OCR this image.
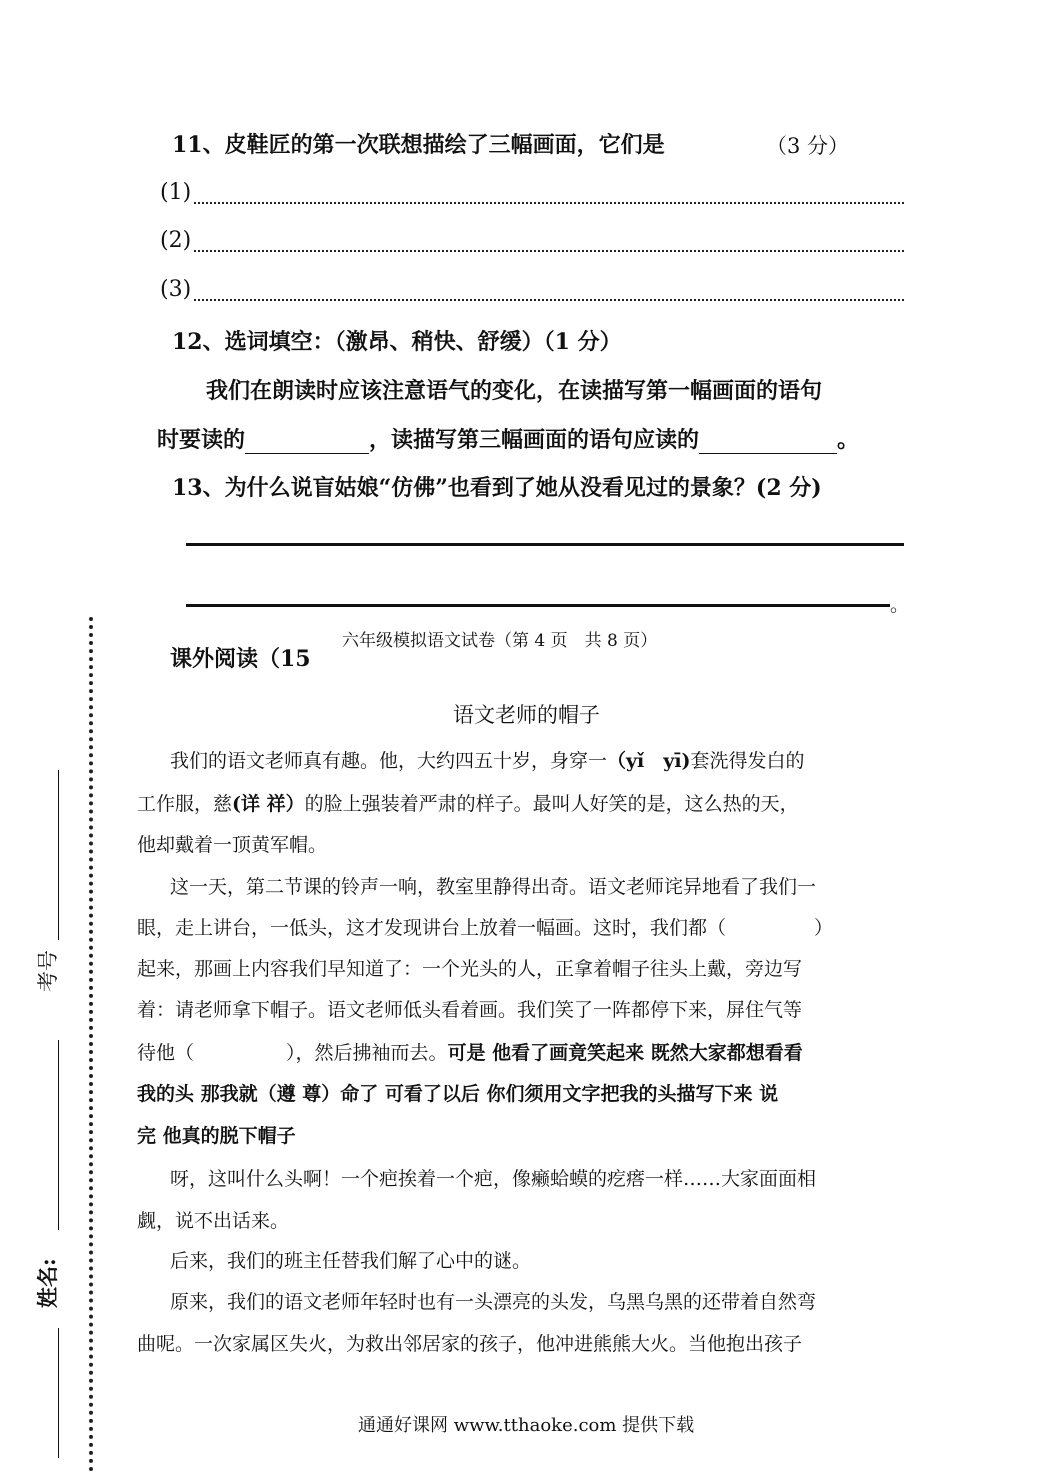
11、皮鞋匠的第一次联想描绘了三幅画面，它们是	（3 分）
(1)
(2)
(3)
12、选词填空：（激昂、稍快、舒缓）（1 分）
我们在朗读时应该注意语气的变化，在读描写第一幅画面的语句
时要读的	，读描写第三幅画面的语句应读的	。
13、为什么说盲姑娘“仿佛”也看到了她从没看见过的景象？(2 分)
。
课外阅读（15
六年级模拟语文试卷（第 4 页　共 8 页）
语文老师的帽子
我们的语文老师真有趣。他，大约四五十岁，身穿一（yǐ　yī)套洗得发白的
工作服，慈(详 祥）的脸上强装着严肃的样子。最叫人好笑的是，这么热的天，
他却戴着一顶黄军帽。
这一天，第二节课的铃声一响，教室里静得出奇。语文老师诧异地看了我们一
眼，走上讲台，一低头，这才发现讲台上放着一幅画。这时，我们都（	）
起来，那画上内容我们早知道了：一个光头的人，正拿着帽子往头上戴，旁边写
着：请老师拿下帽子。语文老师低头看着画。我们笑了一阵都停下来，屏住气等
待他（	），然后拂袖而去。可是 他看了画竟笑起来 既然大家都想看看
我的头 那我就（遵 尊）命了 可看了以后 你们须用文字把我的头描写下来 说
完 他真的脱下帽子
呀，这叫什么头啊！一个疤挨着一个疤，像癞蛤蟆的疙瘩一样……大家面面相
觑，说不出话来。
后来，我们的班主任替我们解了心中的谜。
原来，我们的语文老师年轻时也有一头漂亮的头发，乌黑乌黑的还带着自然弯
曲呢。一次家属区失火，为救出邻居家的孩子，他冲进熊熊大火。当他抱出孩子
考号
姓名:
通通好课网 www.tthaoke.com 提供下载
